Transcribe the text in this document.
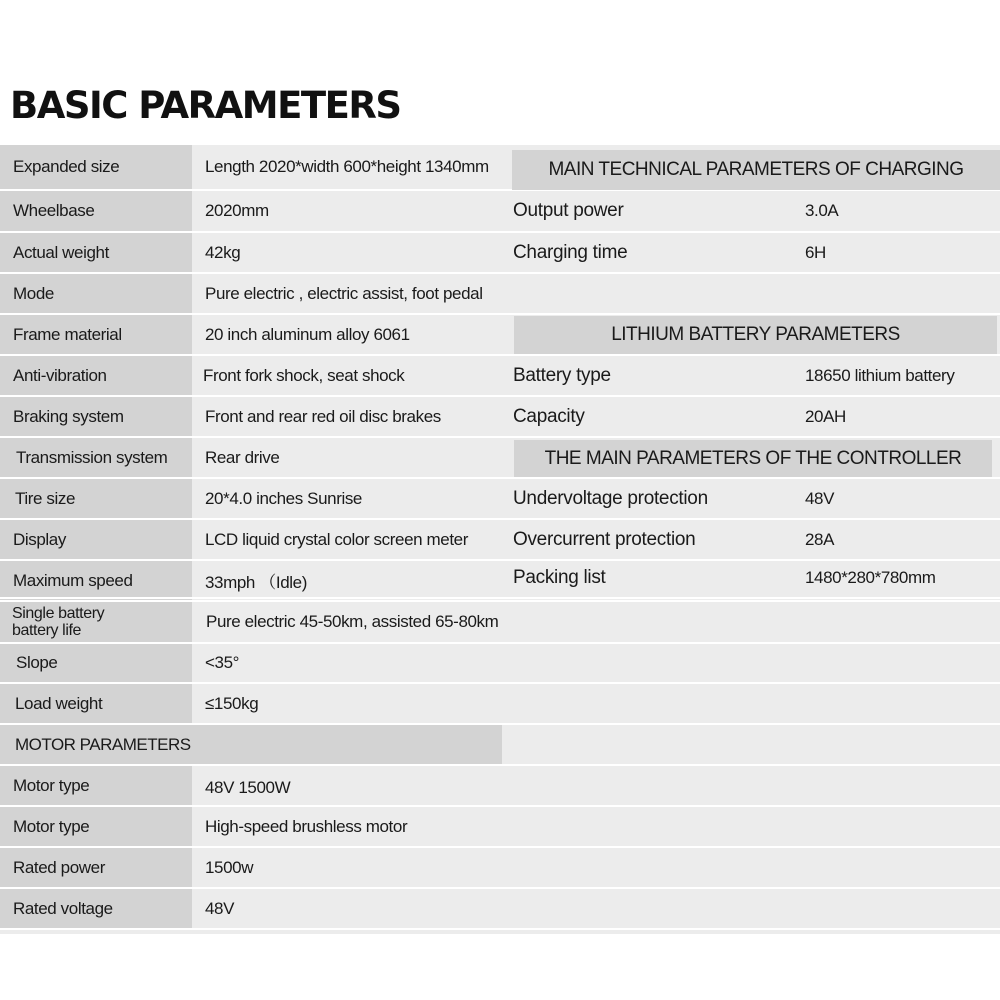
BASIC PARAMETERS
Expanded size	Length 2020*width 600*height 1340mm
Wheelbase	2020mm
Actual weight	42kg
Mode	Pure electric , electric assist, foot pedal
Frame material	20 inch aluminum alloy 6061
Anti-vibration	Front fork shock, seat shock
Braking system	Front and rear red oil disc brakes
Transmission system	Rear drive
Tire size	20*4.0 inches Sunrise
Display	LCD liquid crystal color screen meter
Maximum speed	33mph （Idle)
Single battery
battery life	Pure electric 45-50km, assisted 65-80km
Slope	<35°
Load weight	≤150kg
MOTOR PARAMETERS
Motor type	48V 1500W
Motor type	High-speed brushless motor
Rated power	1500w
Rated voltage	48V
MAIN TECHNICAL PARAMETERS OF CHARGING
Output power	3.0A
Charging time	6H
LITHIUM BATTERY PARAMETERS
Battery type	18650 lithium battery
Capacity	20AH
THE MAIN PARAMETERS OF THE CONTROLLER
Undervoltage protection	48V
Overcurrent protection	28A
Packing list	1480*280*780mm
